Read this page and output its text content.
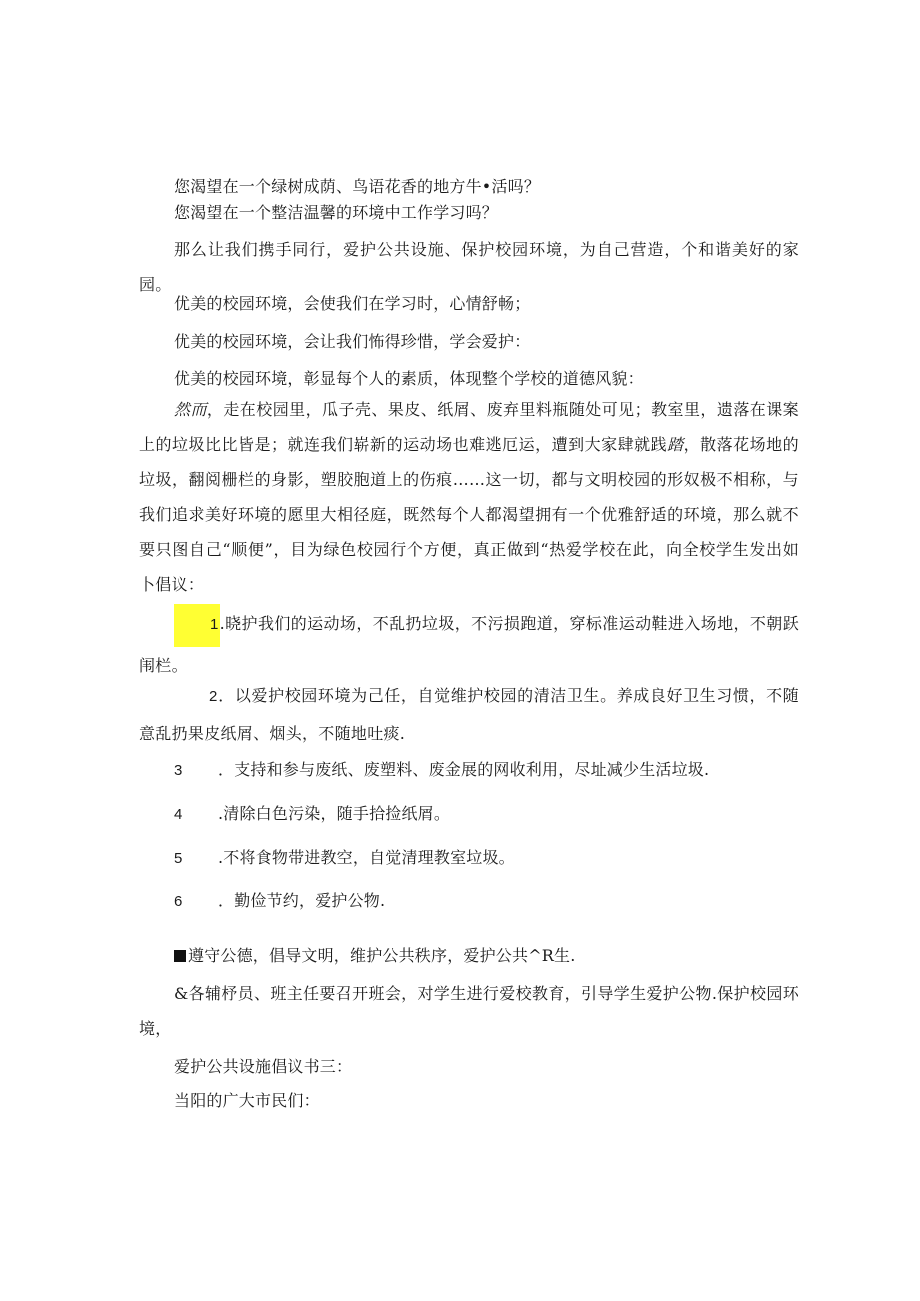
您渴望在一个绿树成荫、鸟语花香的地方牛•活吗？
您渴望在一个整洁温馨的环境中工作学习吗？
那么让我们携手同行，爱护公共设施、保护校园环境，为自己营造，个和谐美好的家园。
优美的校园环境，会使我们在学习时，心情舒畅；
优美的校园环境，会让我们怖得珍惜，学会爱护：
优美的校园环境，彰显每个人的素质，体现整个学校的道德风貌：
然而，走在校园里，瓜子壳、果皮、纸屑、废弃里料瓶随处可见；教室里，遗落在课案上的垃圾比比皆是；就连我们崭新的运动场也难逃厄运，遭到大家肆就践踏，散落花场地的垃圾，翻阅栅栏的身影，塑胶胞道上的伤痕……这一切，都与文明校园的形奴极不相称，与我们追求美好环境的愿里大相径庭，既然每个人都渴望拥有一个优雅舒适的环境，那么就不要只图自己“顺便”，目为绿色校园行个方便，真正做到“热爱学校在此，向全校学生发出如卜倡议：
1.晓护我们的运动场，不乱扔垃圾，不污损跑道，穿标准运动鞋进入场地，不朝跃闱栏。
2．以爱护校园环境为己任，自觉维护校园的清洁卫生。养成良好卫生习惯，不随意乱扔果皮纸屑、烟头，不随地吐痰.
3 ．支持和参与废纸、废塑料、废金展的网收利用，尽址减少生活垃圾.
4 .清除白色污染，随手拾捡纸屑。
5 .不将食物带进教空，自觉清理教室垃圾。
6 ．勤俭节约，爱护公物.
遵守公德，倡导文明，维护公共秩序，爱护公共^R生.
&各辅杼员、班主任要召开班会，对学生进行爱校教育，引导学生爱护公物.保护校园环境，
爱护公共设施倡议书三：
当阳的广大市民们：
